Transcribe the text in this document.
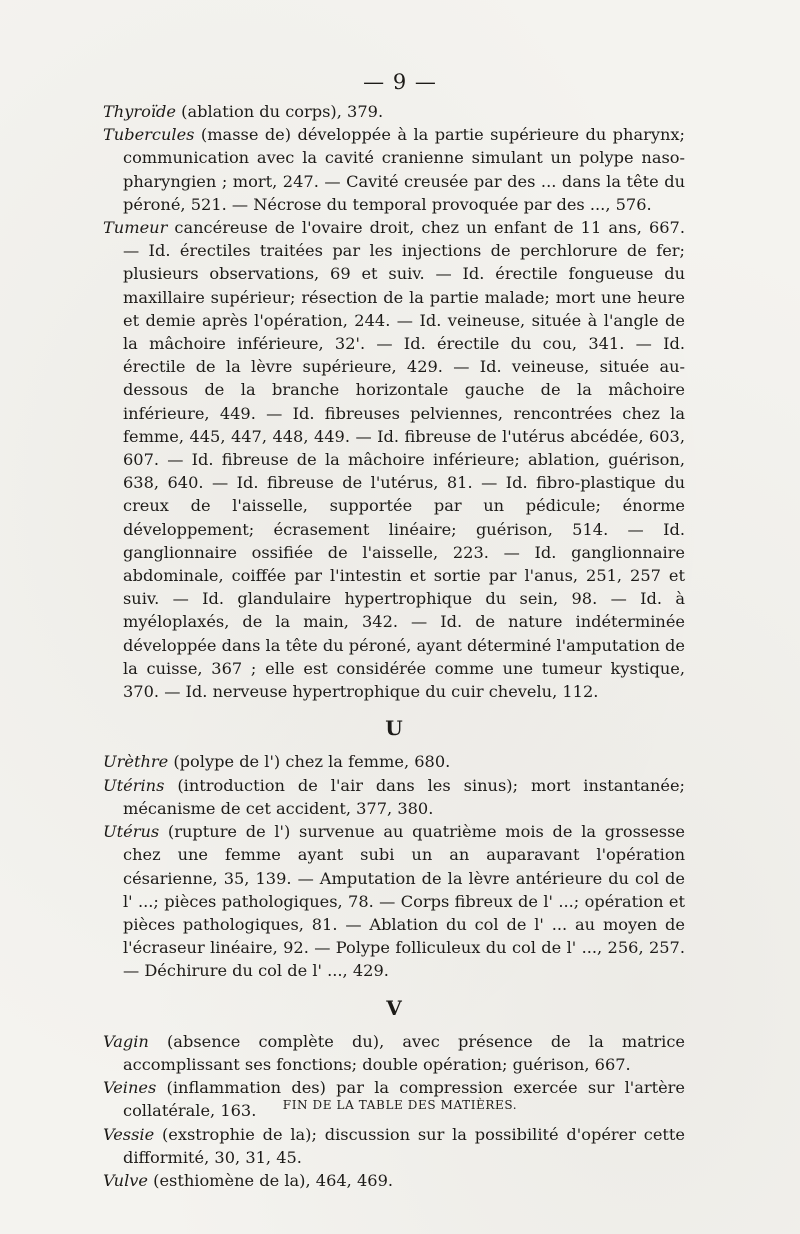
— 9 —

Thyroïde (ablation du corps), 379.

Tubercules (masse de) développée à la partie supérieure du pharynx; communication avec la cavité cranienne simulant un polype naso-pharyngien ; mort, 247. — Cavité creusée par des ... dans la tête du péroné, 521. — Nécrose du temporal provoquée par des ..., 576.

Tumeur cancéreuse de l'ovaire droit, chez un enfant de 11 ans, 667. — Id. érectiles traitées par les injections de perchlorure de fer; plusieurs observations, 69 et suiv. — Id. érectile fongueuse du maxillaire supérieur; résection de la partie malade; mort une heure et demie après l'opération, 244. — Id. veineuse, située à l'angle de la mâchoire inférieure, 32'. — Id. érectile du cou, 341. — Id. érectile de la lèvre supérieure, 429. — Id. veineuse, située au-dessous de la branche horizontale gauche de la mâchoire inférieure, 449. — Id. fibreuses pelviennes, rencontrées chez la femme, 445, 447, 448, 449. — Id. fibreuse de l'utérus abcédée, 603, 607. — Id. fibreuse de la mâchoire inférieure; ablation, guérison, 638, 640. — Id. fibreuse de l'utérus, 81. — Id. fibro-plastique du creux de l'aisselle, supportée par un pédicule; énorme développement; écrasement linéaire; guérison, 514. — Id. ganglionnaire ossifiée de l'aisselle, 223. — Id. ganglionnaire abdominale, coiffée par l'intestin et sortie par l'anus, 251, 257 et suiv. — Id. glandulaire hypertrophique du sein, 98. — Id. à myéloplaxés, de la main, 342. — Id. de nature indéterminée développée dans la tête du péroné, ayant déterminé l'amputation de la cuisse, 367 ; elle est considérée comme une tumeur kystique, 370. — Id. nerveuse hypertrophique du cuir chevelu, 112.

U

Urèthre (polype de l') chez la femme, 680.

Utérins (introduction de l'air dans les sinus); mort instantanée; mécanisme de cet accident, 377, 380.

Utérus (rupture de l') survenue au quatrième mois de la grossesse chez une femme ayant subi un an auparavant l'opération césarienne, 35, 139. — Amputation de la lèvre antérieure du col de l' ...; pièces pathologiques, 78. — Corps fibreux de l' ...; opération et pièces pathologiques, 81. — Ablation du col de l' ... au moyen de l'écraseur linéaire, 92. — Polype folliculeux du col de l' ..., 256, 257. — Déchirure du col de l' ..., 429.

V

Vagin (absence complète du), avec présence de la matrice accomplissant ses fonctions; double opération; guérison, 667.

Veines (inflammation des) par la compression exercée sur l'artère collatérale, 163.

Vessie (exstrophie de la); discussion sur la possibilité d'opérer cette difformité, 30, 31, 45.

Vulve (esthiomène de la), 464, 469.

FIN DE LA TABLE DES MATIÈRES.
